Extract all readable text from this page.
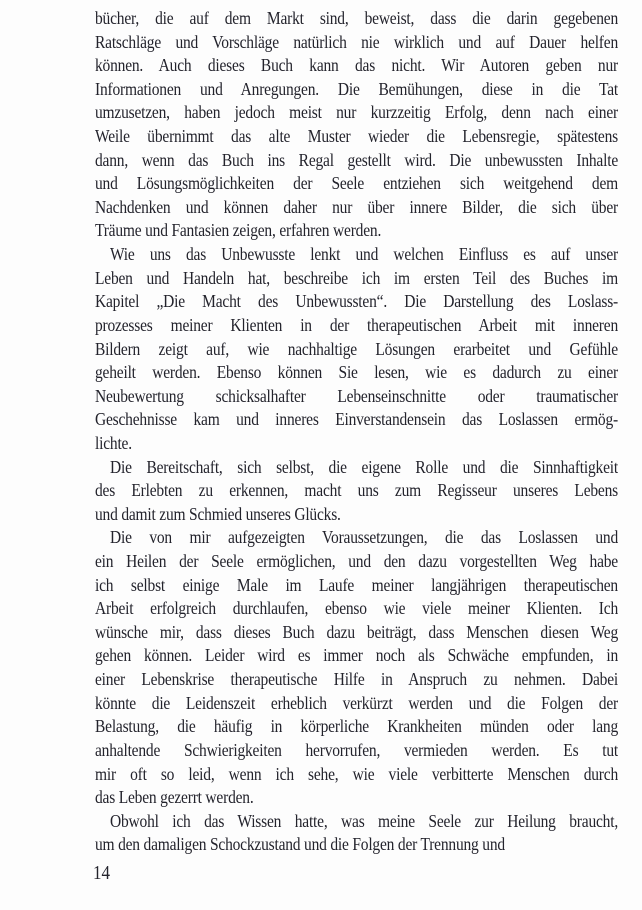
bücher, die auf dem Markt sind, beweist, dass die darin gegebenen
Ratschläge und Vorschläge natürlich nie wirklich und auf Dauer helfen
können. Auch dieses Buch kann das nicht. Wir Autoren geben nur
Informationen und Anregungen. Die Bemühungen, diese in die Tat
umzusetzen, haben jedoch meist nur kurzzeitig Erfolg, denn nach einer
Weile übernimmt das alte Muster wieder die Lebensregie, spätestens
dann, wenn das Buch ins Regal gestellt wird. Die unbewussten Inhalte
und Lösungsmöglichkeiten der Seele entziehen sich weitgehend dem
Nachdenken und können daher nur über innere Bilder, die sich über
Träume und Fantasien zeigen, erfahren werden.
Wie uns das Unbewusste lenkt und welchen Einfluss es auf unser
Leben und Handeln hat, beschreibe ich im ersten Teil des Buches im
Kapitel „Die Macht des Unbewussten“. Die Darstellung des Loslass-
prozesses meiner Klienten in der therapeutischen Arbeit mit inneren
Bildern zeigt auf, wie nachhaltige Lösungen erarbeitet und Gefühle
geheilt werden. Ebenso können Sie lesen, wie es dadurch zu einer
Neubewertung schicksalhafter Lebenseinschnitte oder traumatischer
Geschehnisse kam und inneres Einverstandensein das Loslassen ermög-
lichte.
Die Bereitschaft, sich selbst, die eigene Rolle und die Sinnhaftigkeit
des Erlebten zu erkennen, macht uns zum Regisseur unseres Lebens
und damit zum Schmied unseres Glücks.
Die von mir aufgezeigten Voraussetzungen, die das Loslassen und
ein Heilen der Seele ermöglichen, und den dazu vorgestellten Weg habe
ich selbst einige Male im Laufe meiner langjährigen therapeutischen
Arbeit erfolgreich durchlaufen, ebenso wie viele meiner Klienten. Ich
wünsche mir, dass dieses Buch dazu beiträgt, dass Menschen diesen Weg
gehen können. Leider wird es immer noch als Schwäche empfunden, in
einer Lebenskrise therapeutische Hilfe in Anspruch zu nehmen. Dabei
könnte die Leidenszeit erheblich verkürzt werden und die Folgen der
Belastung, die häufig in körperliche Krankheiten münden oder lang
anhaltende Schwierigkeiten hervorrufen, vermieden werden. Es tut
mir oft so leid, wenn ich sehe, wie viele verbitterte Menschen durch
das Leben gezerrt werden.
Obwohl ich das Wissen hatte, was meine Seele zur Heilung braucht,
um den damaligen Schockzustand und die Folgen der Trennung und
14
